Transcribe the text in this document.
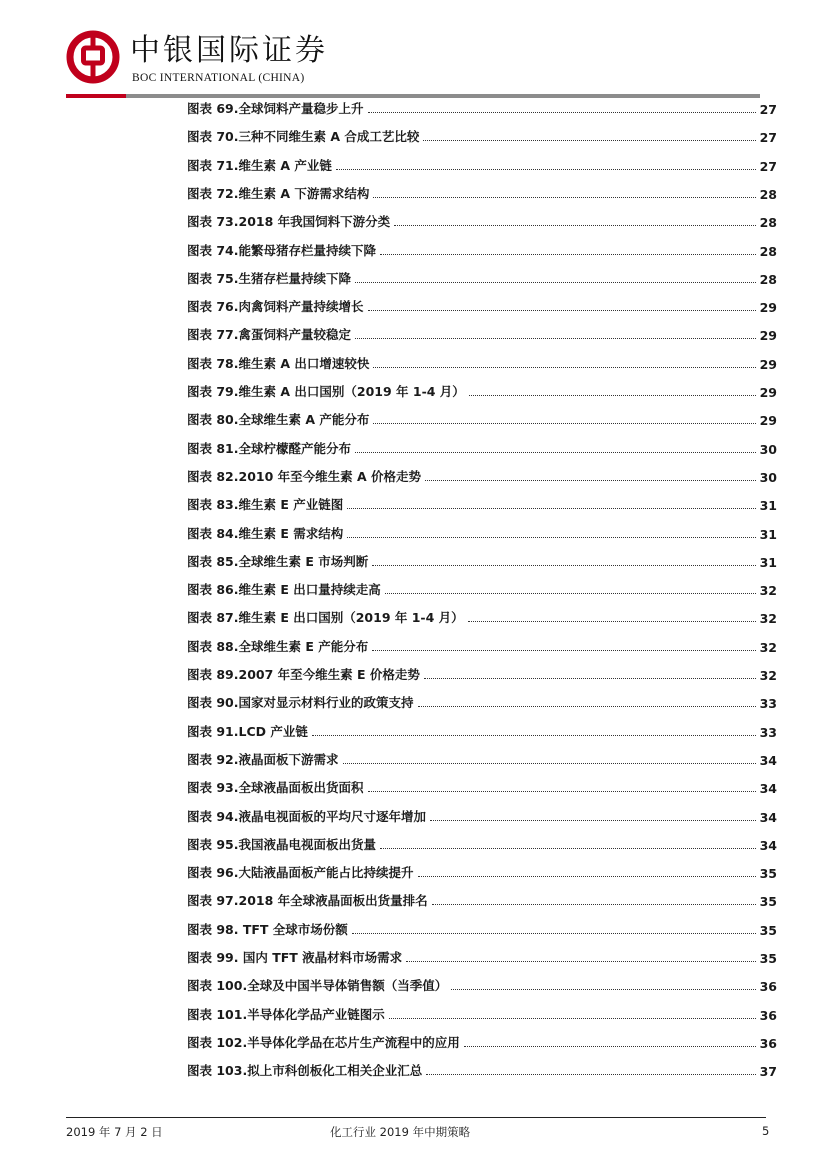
中银国际证券
BOC INTERNATIONAL (CHINA)
图表 69.全球饲料产量稳步上升	27
图表 70.三种不同维生素 A 合成工艺比较	27
图表 71.维生素 A 产业链	27
图表 72.维生素 A 下游需求结构	28
图表 73.2018 年我国饲料下游分类	28
图表 74.能繁母猪存栏量持续下降	28
图表 75.生猪存栏量持续下降	28
图表 76.肉禽饲料产量持续增长	29
图表 77.禽蛋饲料产量较稳定	29
图表 78.维生素 A 出口增速较快	29
图表 79.维生素 A 出口国别（2019 年 1-4 月）	29
图表 80.全球维生素 A 产能分布	29
图表 81.全球柠檬醛产能分布	30
图表 82.2010 年至今维生素 A 价格走势	30
图表 83.维生素 E 产业链图	31
图表 84.维生素 E 需求结构	31
图表 85.全球维生素 E 市场判断	31
图表 86.维生素 E 出口量持续走高	32
图表 87.维生素 E 出口国别（2019 年 1-4 月）	32
图表 88.全球维生素 E 产能分布	32
图表 89.2007 年至今维生素 E 价格走势	32
图表 90.国家对显示材料行业的政策支持	33
图表 91.LCD 产业链	33
图表 92.液晶面板下游需求	34
图表 93.全球液晶面板出货面积	34
图表 94.液晶电视面板的平均尺寸逐年增加	34
图表 95.我国液晶电视面板出货量	34
图表 96.大陆液晶面板产能占比持续提升	35
图表 97.2018 年全球液晶面板出货量排名	35
图表 98. TFT 全球市场份额	35
图表 99. 国内 TFT 液晶材料市场需求	35
图表 100.全球及中国半导体销售额（当季值）	36
图表 101.半导体化学品产业链图示	36
图表 102.半导体化学品在芯片生产流程中的应用	36
图表 103.拟上市科创板化工相关企业汇总	37
2019 年 7 月 2 日	化工行业 2019 年中期策略	5
